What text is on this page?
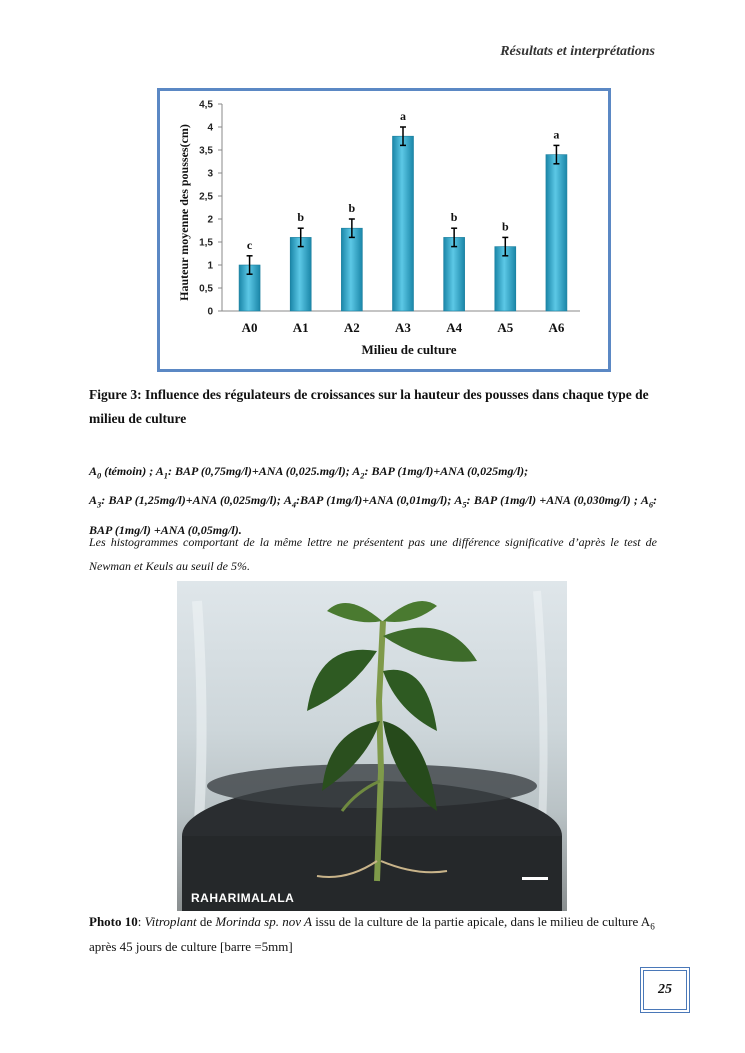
Résultats et interprétations
0
0,5
1
1,5
2
2,5
3
3,5
4
4,5
Hauteur moyenne des pousses(cm)	c
A0
b
A1
b
A2
a
A3
b
A4
b
A5
a
A6
Milieu de culture
Figure 3: Influence des régulateurs de croissances sur la hauteur des pousses dans chaque type de milieu de culture

$A_0$ (témoin) ; $A_1$: BAP (0,75mg/l)+ANA (0,025.mg/l); $A_2$: BAP (1mg/l)+ANA (0,025mg/l);

$A_3$: BAP (1,25mg/l)+ANA (0,025mg/l); $A_4:BAP$ (1mg/l)+ANA (0,01mg/l); $A_5$: BAP (1mg/l) +ANA (0,030mg/l) ; $A_6$: BAP (1mg/l) +ANA (0,05mg/l).

Les histogrammes comportant de la même lettre ne présentent pas une différence significative d’après le test de Newman et Keuls au seuil de 5%.
RAHARIMALALA
Photo 10: Vitroplant de Morinda sp. nov A issu de la culture de la partie apicale, dans le milieu de culture $A_6$ après 45 jours de culture [barre =5mm]
25
